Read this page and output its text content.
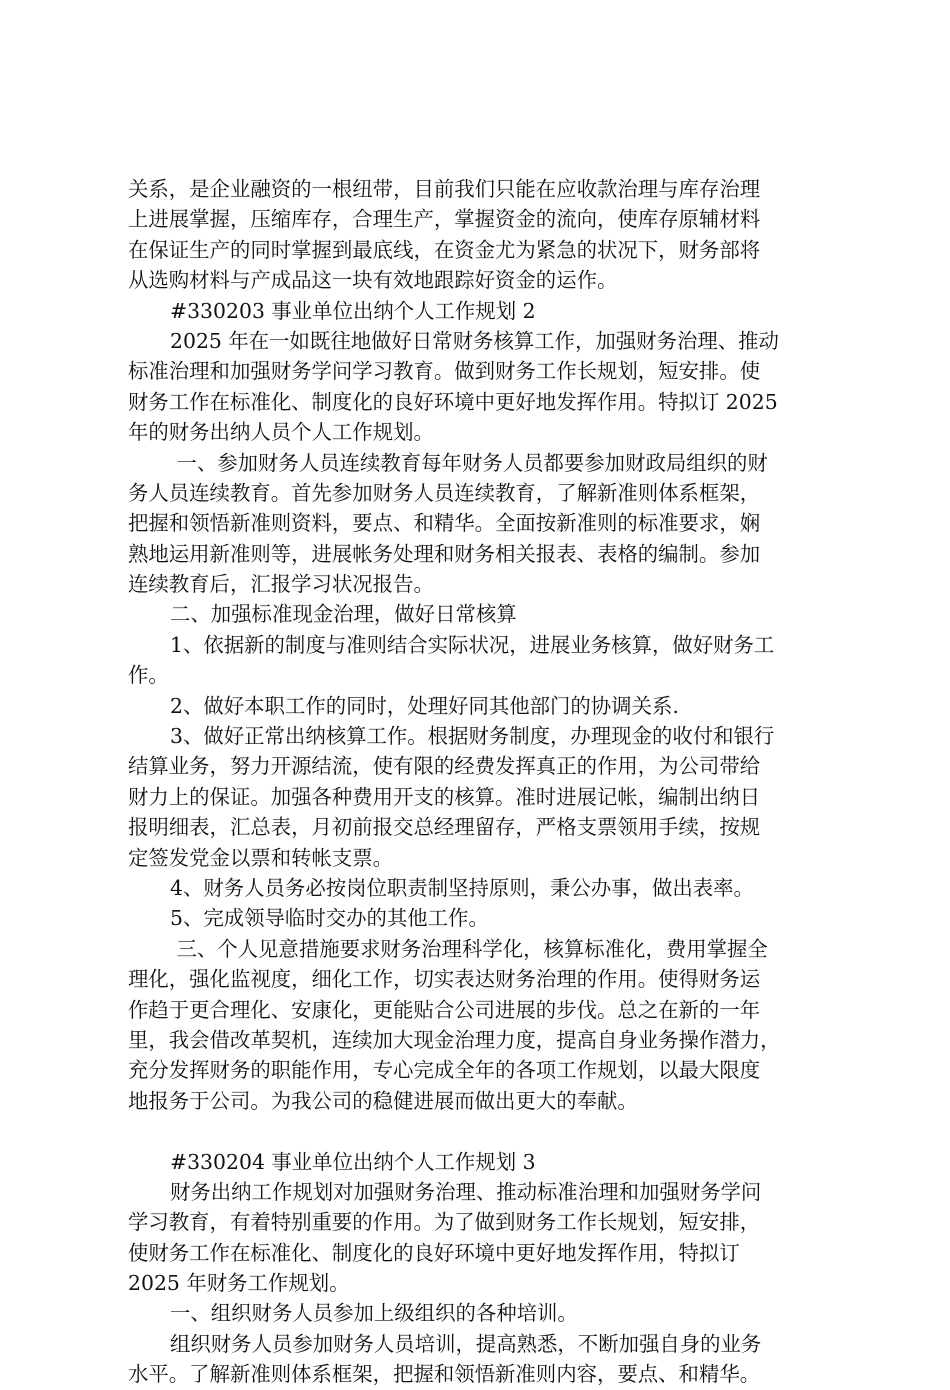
关系，是企业融资的一根纽带，目前我们只能在应收款治理与库存治理
上进展掌握，压缩库存，合理生产，掌握资金的流向，使库存原辅材料
在保证生产的同时掌握到最底线，在资金尤为紧急的状况下，财务部将
从选购材料与产成品这一块有效地跟踪好资金的运作。
#330203 事业单位出纳个人工作规划 2
2025 年在一如既往地做好日常财务核算工作，加强财务治理、推动
标准治理和加强财务学问学习教育。做到财务工作长规划，短安排。使
财务工作在标准化、制度化的良好环境中更好地发挥作用。特拟订 2025
年的财务出纳人员个人工作规划。
一、参加财务人员连续教育每年财务人员都要参加财政局组织的财
务人员连续教育。首先参加财务人员连续教育，了解新准则体系框架，
把握和领悟新准则资料，要点、和精华。全面按新准则的标准要求，娴
熟地运用新准则等，进展帐务处理和财务相关报表、表格的编制。参加
连续教育后，汇报学习状况报告。
二、加强标准现金治理，做好日常核算
1、依据新的制度与准则结合实际状况，进展业务核算，做好财务工
作。
2、做好本职工作的同时，处理好同其他部门的协调关系.
3、做好正常出纳核算工作。根据财务制度，办理现金的收付和银行
结算业务，努力开源结流，使有限的经费发挥真正的作用，为公司带给
财力上的保证。加强各种费用开支的核算。准时进展记帐，编制出纳日
报明细表，汇总表，月初前报交总经理留存，严格支票领用手续，按规
定签发党金以票和转帐支票。
4、财务人员务必按岗位职责制坚持原则，秉公办事，做出表率。
5、完成领导临时交办的其他工作。
三、个人见意措施要求财务治理科学化，核算标准化，费用掌握全
理化，强化监视度，细化工作，切实表达财务治理的作用。使得财务运
作趋于更合理化、安康化，更能贴合公司进展的步伐。总之在新的一年
里，我会借改革契机，连续加大现金治理力度，提高自身业务操作潜力，
充分发挥财务的职能作用，专心完成全年的各项工作规划，以最大限度
地报务于公司。为我公司的稳健进展而做出更大的奉献。
#330204 事业单位出纳个人工作规划 3
财务出纳工作规划对加强财务治理、推动标准治理和加强财务学问
学习教育，有着特别重要的作用。为了做到财务工作长规划，短安排，
使财务工作在标准化、制度化的良好环境中更好地发挥作用，特拟订
2025 年财务工作规划。
一、组织财务人员参加上级组织的各种培训。
组织财务人员参加财务人员培训，提高熟悉，不断加强自身的业务
水平。了解新准则体系框架，把握和领悟新准则内容，要点、和精华。
